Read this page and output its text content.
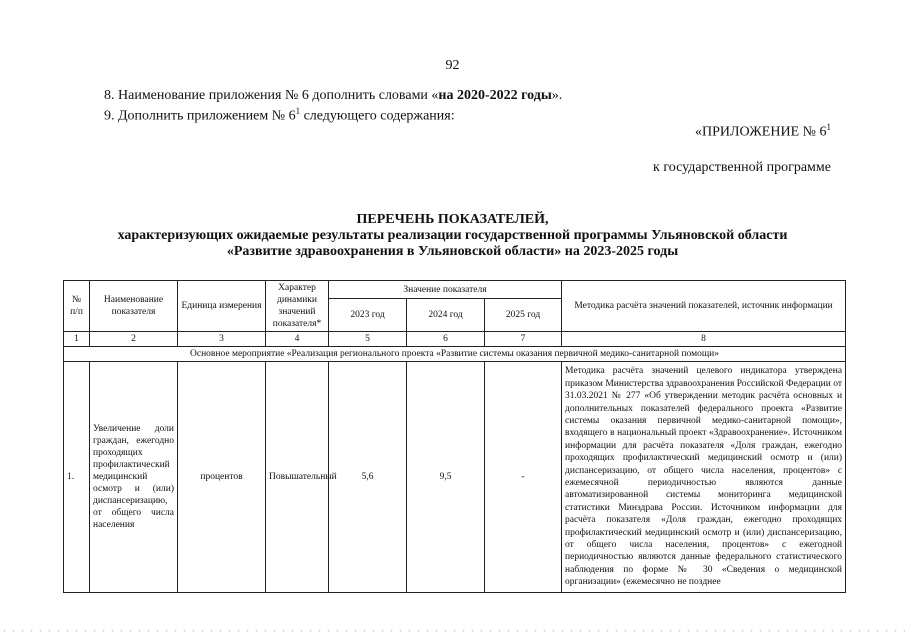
92
8. Наименование приложения № 6 дополнить словами «на 2020-2022 годы».
9. Дополнить приложением № $6^1$ следующего содержания:
«ПРИЛОЖЕНИЕ № $6^1$
к государственной программе
ПЕРЕЧЕНЬ ПОКАЗАТЕЛЕЙ,
характеризующих ожидаемые результаты реализации государственной программы Ульяновской области
«Развитие здравоохранения в Ульяновской области» на 2023-2025 годы
№ п/п	Наименование показателя	Единица измерения	Характер динамики значений показателя*	Значение показателя			Методика расчёта значений показателей, источник информации
				2023 год	2024 год	2025 год	
1	2	3	4	5	6	7	8
Основное мероприятие «Реализация регионального проекта «Развитие системы оказания первичной медико-санитарной помощи»							
1.	Увеличение доли граждан, ежегодно проходящих профилактический медицинский осмотр и (или) диспансеризацию, от общего числа населения	процентов	Повышательный	5,6	9,5	-	Методика расчёта значений целевого индикатора утверждена приказом Министерства здравоохранения Российской Федерации от 31.03.2021 № 277 «Об утверждении методик расчёта основных и дополнительных показателей федерального проекта «Развитие системы оказания первичной медико-санитарной помощи», входящего в национальный проект «Здравоохранение». Источником информации для расчёта показателя «Доля граждан, ежегодно проходящих профилактический медицинский осмотр и (или) диспансеризацию, от общего числа населения, процентов» с ежемесячной периодичностью являются данные автоматизированной системы мониторинга медицинской статистики Минздрава России. Источником информации для расчёта показателя «Доля граждан, ежегодно проходящих профилактический медицинский осмотр и (или) диспансеризацию, от общего числа населения, процентов» с ежегодной периодичностью являются данные федерального статистического наблюдения по форме № 30 «Сведения о медицинской организации» (ежемесячно не позднее
